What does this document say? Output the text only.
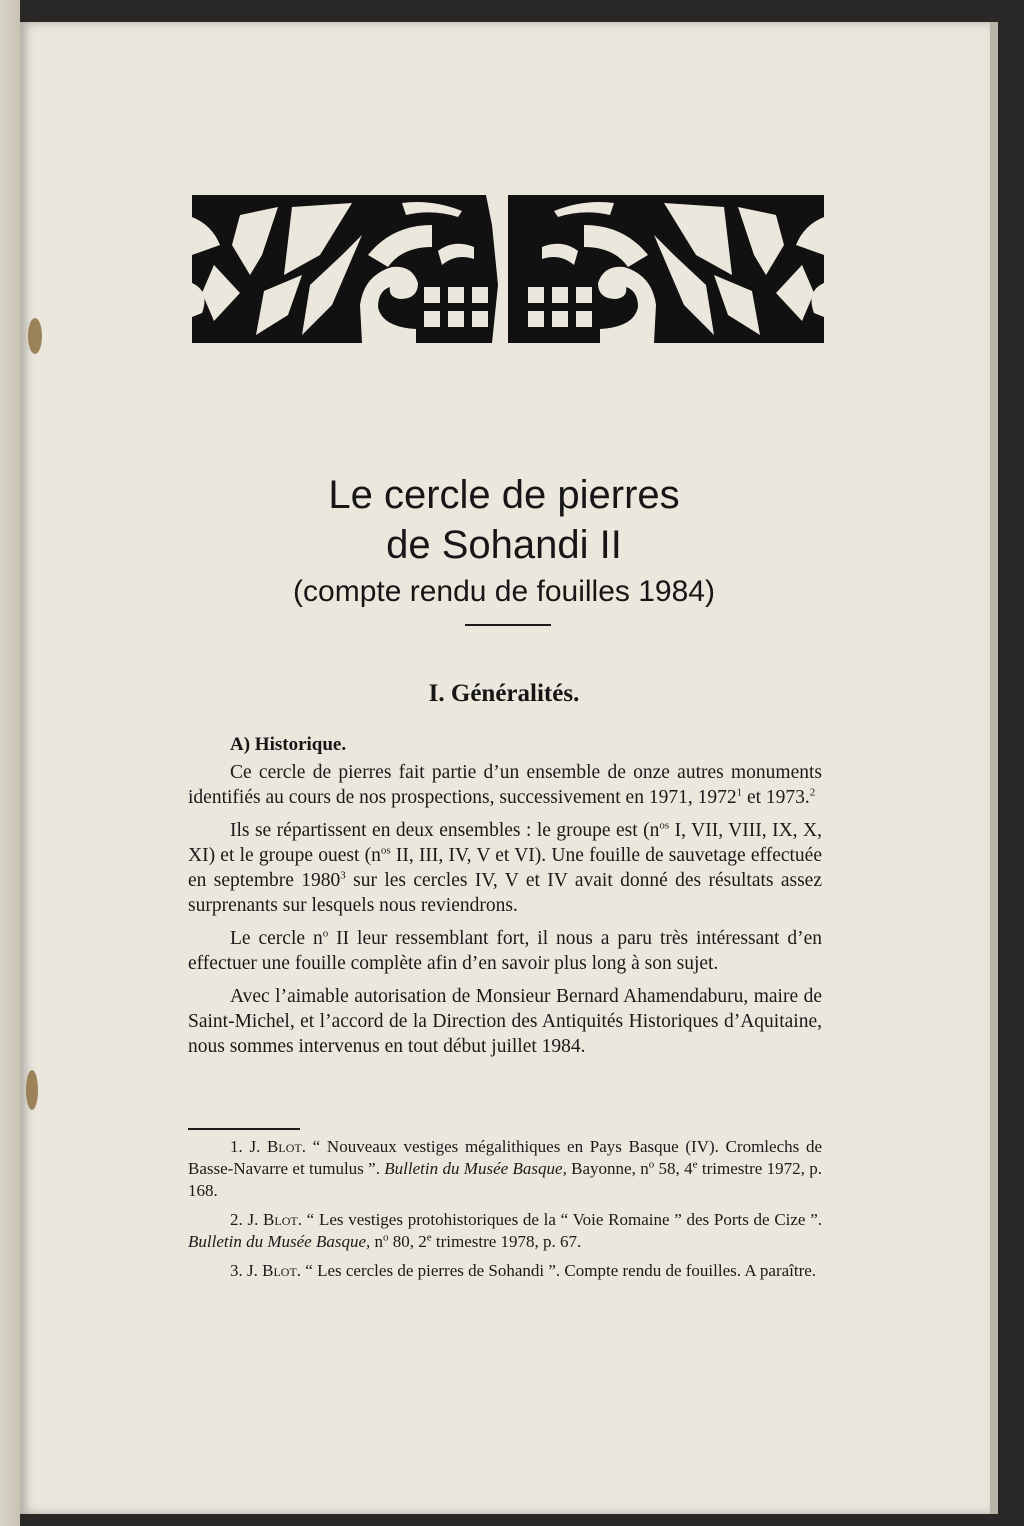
Le cercle de pierres
de Sohandi II
(compte rendu de fouilles 1984)
I. Généralités.
A) Historique.

Ce cercle de pierres fait partie d’un ensemble de onze autres monuments identifiés au cours de nos prospections, successivement en 1971, 1972$^1$ et 1973.$^2$

Ils se répartissent en deux ensembles : le groupe est ($n^{os}$ I, VII, VIII, IX, X, XI) et le groupe ouest ($n^{os}$ II, III, IV, V et VI). Une fouille de sauvetage effectuée en septembre 1980$^3$ sur les cercles IV, V et IV avait donné des résultats assez surprenants sur lesquels nous reviendrons.

Le cercle $n^o$ II leur ressemblant fort, il nous a paru très intéressant d’en effectuer une fouille complète afin d’en savoir plus long à son sujet.

Avec l’aimable autorisation de Monsieur Bernard Ahamendaburu, maire de Saint-Michel, et l’accord de la Direction des Antiquités Historiques d’Aquitaine, nous sommes intervenus en tout début juillet 1984.

1. J. Blot. “ Nouveaux vestiges mégalithiques en Pays Basque (IV). Cromlechs de Basse-Navarre et tumulus ”. Bulletin du Musée Basque, Bayonne, $n^o$ 58, 4e trimestre 1972, p. 168.

2. J. Blot. “ Les vestiges protohistoriques de la “ Voie Romaine ” des Ports de Cize ”. Bulletin du Musée Basque, $n^o$ 80, 2e trimestre 1978, p. 67.

3. J. Blot. “ Les cercles de pierres de Sohandi ”. Compte rendu de fouilles. A paraître.
